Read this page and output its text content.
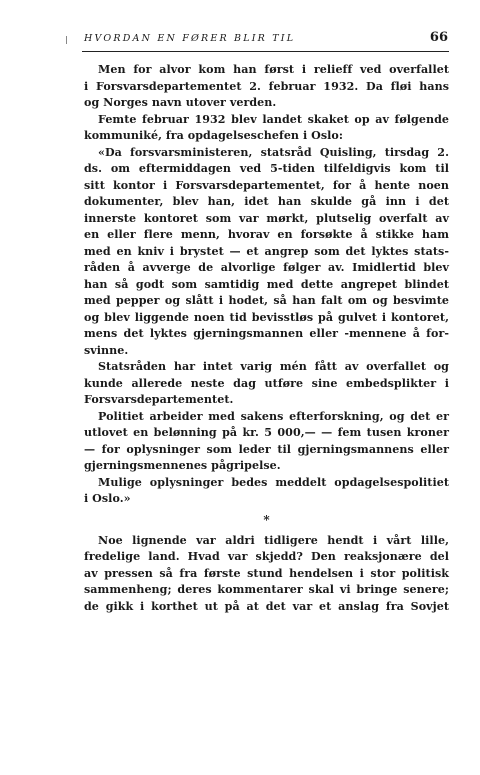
HVORDAN EN FØRER BLIR TIL	66
Men for alvor kom han først i relieff ved overfallet
i Forsvarsdepartementet 2. februar 1932. Da fløi hans
og Norges navn utover verden.
Femte februar 1932 blev landet skaket op av følgende
kommuniké, fra opdagelseschefen i Oslo:
«Da forsvarsministeren, statsråd Quisling, tirsdag 2.
ds. om eftermiddagen ved 5-tiden tilfeldigvis kom til
sitt kontor i Forsvarsdepartementet, for å hente noen
dokumenter, blev han, idet han skulde gå inn i det
innerste kontoret som var mørkt, plutselig overfalt av
en eller flere menn, hvorav en forsøkte å stikke ham
med en kniv i brystet — et angrep som det lyktes stats-
råden å avverge de alvorlige følger av. Imidlertid blev
han så godt som samtidig med dette angrepet blindet
med pepper og slått i hodet, så han falt om og besvimte
og blev liggende noen tid bevisstløs på gulvet i kontoret,
mens det lyktes gjerningsmannen eller -mennene å for-
svinne.
Statsråden har intet varig mén fått av overfallet og
kunde allerede neste dag utføre sine embedsplikter i
Forsvarsdepartementet.
Politiet arbeider med sakens efterforskning, og det er
utlovet en belønning på kr. 5 000,— — fem tusen kroner
— for oplysninger som leder til gjerningsmannens eller
gjerningsmennenes pågripelse.
Mulige oplysninger bedes meddelt opdagelsespolitiet
i Oslo.»
*
Noe lignende var aldri tidligere hendt i vårt lille,
fredelige land. Hvad var skjedd? Den reaksjonære del
av pressen så fra første stund hendelsen i stor politisk
sammenheng; deres kommentarer skal vi bringe senere;
de gikk i korthet ut på at det var et anslag fra Sovjet
